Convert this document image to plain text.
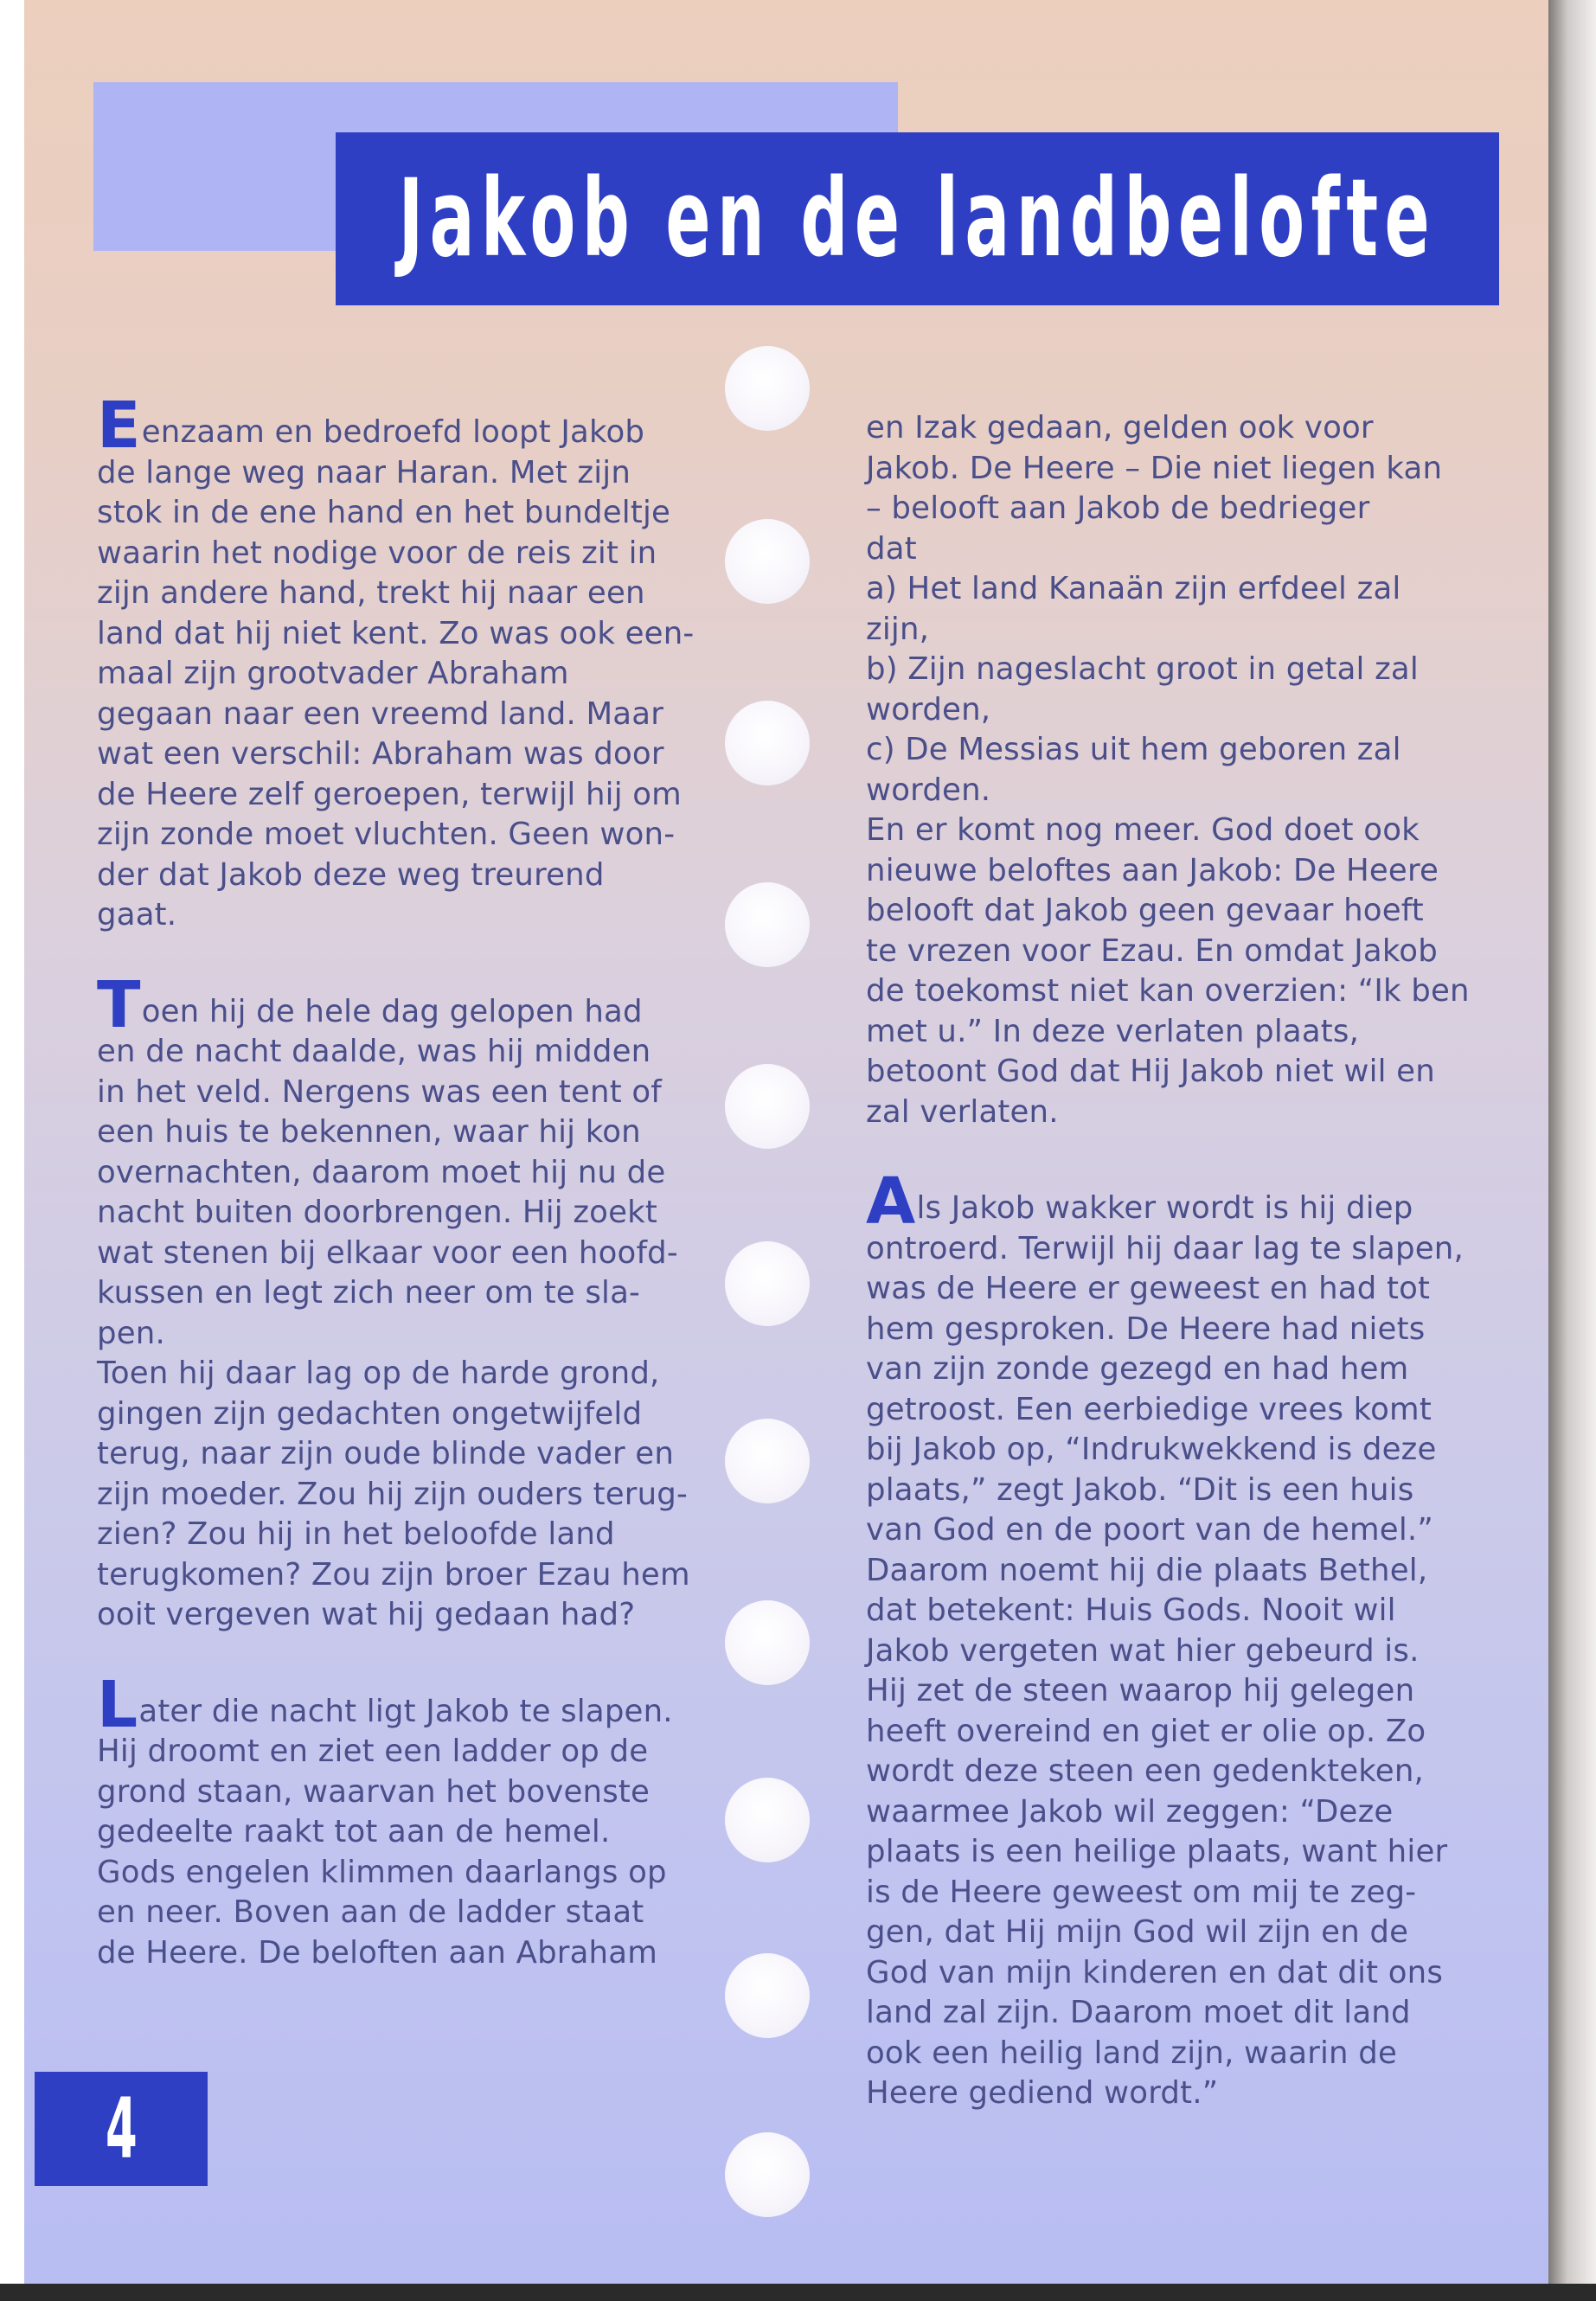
Jakob en de landbelofte

Eenzaam en bedroefd loopt Jakob
de lange weg naar Haran. Met zijn
stok in de ene hand en het bundeltje
waarin het nodige voor de reis zit in
zijn andere hand, trekt hij naar een
land dat hij niet kent. Zo was ook een-
maal zijn grootvader Abraham
gegaan naar een vreemd land. Maar
wat een verschil: Abraham was door
de Heere zelf geroepen, terwijl hij om
zijn zonde moet vluchten. Geen won-
der dat Jakob deze weg treurend
gaat.

Toen hij de hele dag gelopen had
en de nacht daalde, was hij midden
in het veld. Nergens was een tent of
een huis te bekennen, waar hij kon
overnachten, daarom moet hij nu de
nacht buiten doorbrengen. Hij zoekt
wat stenen bij elkaar voor een hoofd-
kussen en legt zich neer om te sla-
pen.
Toen hij daar lag op de harde grond,
gingen zijn gedachten ongetwijfeld
terug, naar zijn oude blinde vader en
zijn moeder. Zou hij zijn ouders terug-
zien? Zou hij in het beloofde land
terugkomen? Zou zijn broer Ezau hem
ooit vergeven wat hij gedaan had?

Later die nacht ligt Jakob te slapen.
Hij droomt en ziet een ladder op de
grond staan, waarvan het bovenste
gedeelte raakt tot aan de hemel.
Gods engelen klimmen daarlangs op
en neer. Boven aan de ladder staat
de Heere. De beloften aan Abraham

en Izak gedaan, gelden ook voor
Jakob. De Heere – Die niet liegen kan
– belooft aan Jakob de bedrieger
dat
a) Het land Kanaän zijn erfdeel zal
zijn,
b) Zijn nageslacht groot in getal zal
worden,
c) De Messias uit hem geboren zal
worden.
En er komt nog meer. God doet ook
nieuwe beloftes aan Jakob: De Heere
belooft dat Jakob geen gevaar hoeft
te vrezen voor Ezau. En omdat Jakob
de toekomst niet kan overzien: “Ik ben
met u.” In deze verlaten plaats,
betoont God dat Hij Jakob niet wil en
zal verlaten.

Als Jakob wakker wordt is hij diep
ontroerd. Terwijl hij daar lag te slapen,
was de Heere er geweest en had tot
hem gesproken. De Heere had niets
van zijn zonde gezegd en had hem
getroost. Een eerbiedige vrees komt
bij Jakob op, “Indrukwekkend is deze
plaats,” zegt Jakob. “Dit is een huis
van God en de poort van de hemel.”
Daarom noemt hij die plaats Bethel,
dat betekent: Huis Gods. Nooit wil
Jakob vergeten wat hier gebeurd is.
Hij zet de steen waarop hij gelegen
heeft overeind en giet er olie op. Zo
wordt deze steen een gedenkteken,
waarmee Jakob wil zeggen: “Deze
plaats is een heilige plaats, want hier
is de Heere geweest om mij te zeg-
gen, dat Hij mijn God wil zijn en de
God van mijn kinderen en dat dit ons
land zal zijn. Daarom moet dit land
ook een heilig land zijn, waarin de
Heere gediend wordt.”

4
